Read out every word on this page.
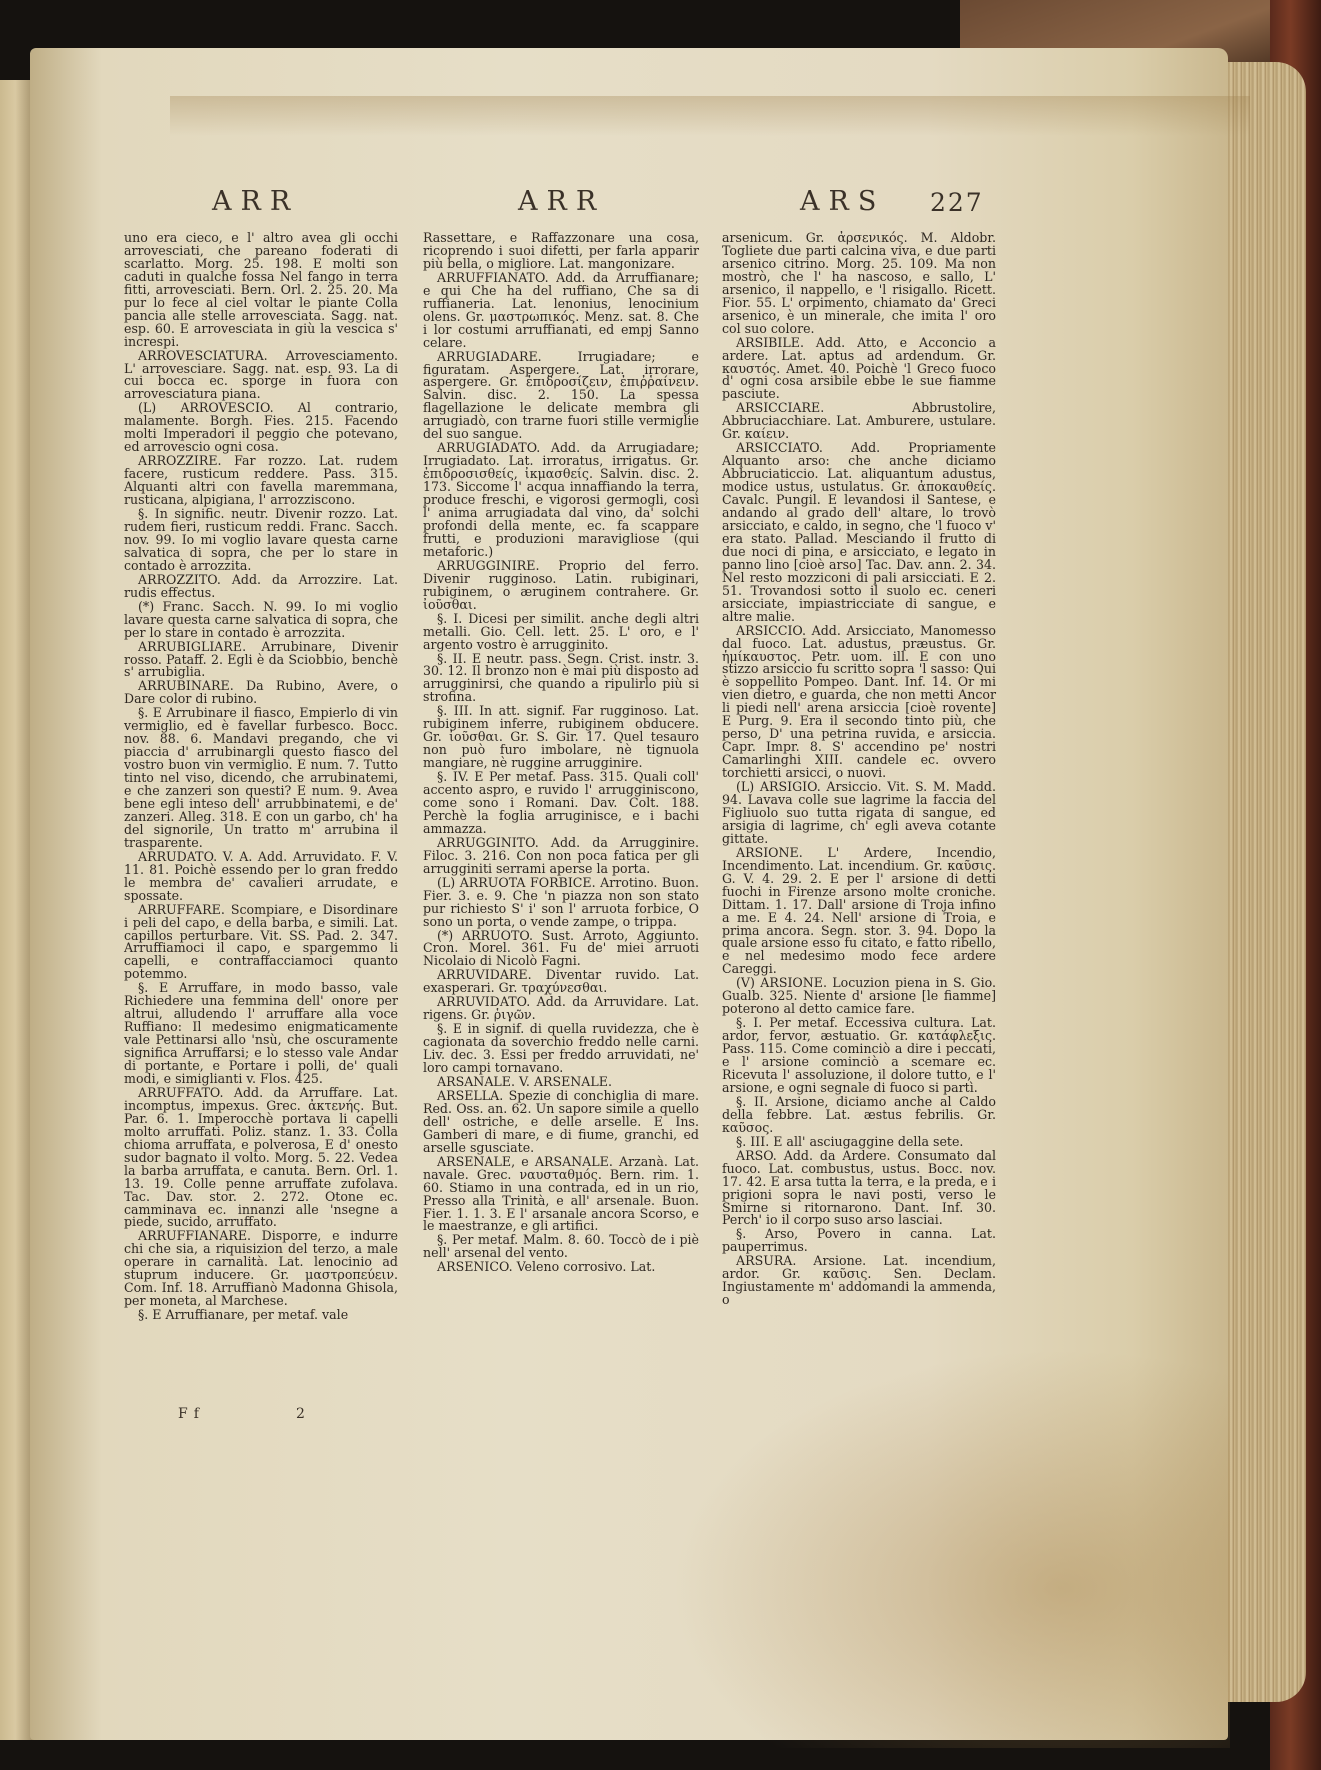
ARR	ARR	ARS 227

uno era cieco, e l' altro avea gli occhi arrovesciati, che pareano foderati di scarlatto. Morg. 25. 198. E molti son caduti in qualche fossa Nel fango in terra fitti, arrovesciati. Bern. Orl. 2. 25. 20. Ma pur lo fece al ciel voltar le piante Colla pancia alle stelle arrovesciata. Sagg. nat. esp. 60. E arrovesciata in giù la vescica s' increspi.

ARROVESCIATURA. Arrovesciamento. L' arrovesciare. Sagg. nat. esp. 93. La di cui bocca ec. sporge in fuora con arrovesciatura piana.

(L) ARROVESCIO. Al contrario, malamente. Borgh. Fies. 215. Facendo molti Imperadori il peggio che potevano, ed arrovescio ogni cosa.

ARROZZIRE. Far rozzo. Lat. rudem facere, rusticum reddere. Pass. 315. Alquanti altri con favella maremmana, rusticana, alpigiana, l' arrozziscono.

§. In signific. neutr. Divenir rozzo. Lat. rudem fieri, rusticum reddi. Franc. Sacch. nov. 99. Io mi voglio lavare questa carne salvatica di sopra, che per lo stare in contado è arrozzita.

ARROZZITO. Add. da Arrozzire. Lat. rudis effectus.

(*) Franc. Sacch. N. 99. Io mi voglio lavare questa carne salvatica di sopra, che per lo stare in contado è arrozzita.

ARRUBIGLIARE. Arrubinare, Divenir rosso. Pataff. 2. Egli è da Sciobbio, benchè s' arrubiglia.

ARRUBINARE. Da Rubino, Avere, o Dare color di rubino.

§. E Arrubinare il fiasco, Empierlo di vin vermiglio, ed è favellar furbesco. Bocc. nov. 88. 6. Mandavi pregando, che vi piaccia d' arrubinargli questo fiasco del vostro buon vin vermiglio. E num. 7. Tutto tinto nel viso, dicendo, che arrubinatemi, e che zanzeri son questi? E num. 9. Avea bene egli inteso dell' arrubbinatemi, e de' zanzeri. Alleg. 318. E con un garbo, ch' ha del signorile, Un tratto m' arrubina il trasparente.

ARRUDATO. V. A. Add. Arruvidato. F. V. 11. 81. Poichè essendo per lo gran freddo le membra de' cavalieri arrudate, e spossate.

ARRUFFARE. Scompiare, e Disordinare i peli del capo, e della barba, e simili. Lat. capillos perturbare. Vit. SS. Pad. 2. 347. Arruffiamoci il capo, e spargemmo li capelli, e contraffacciamoci quanto potemmo.

§. E Arruffare, in modo basso, vale Richiedere una femmina dell' onore per altrui, alludendo l' arruffare alla voce Ruffiano: Il medesimo enigmaticamente vale Pettinarsi allo 'nsù, che oscuramente significa Arruffarsi; e lo stesso vale Andar di portante, e Portare i polli, de' quali modi, e simiglianti v. Flos. 425.

ARRUFFATO. Add. da Arruffare. Lat. incomptus, impexus. Grec. ἀκτενής. But. Par. 6. 1. Imperocchè portava li capelli molto arruffati. Poliz. stanz. 1. 33. Colla chioma arruffata, e polverosa, E d' onesto sudor bagnato il volto. Morg. 5. 22. Vedea la barba arruffata, e canuta. Bern. Orl. 1. 13. 19. Colle penne arruffate zufolava. Tac. Dav. stor. 2. 272. Otone ec. camminava ec. innanzi alle 'nsegne a piede, sucido, arruffato.

ARRUFFIANARE. Disporre, e indurre chi che sia, a riquisizion del terzo, a male operare in carnalità. Lat. lenocinio ad stuprum inducere. Gr. μαστροπεύειν. Com. Inf. 18. Arruffianò Madonna Ghisola, per moneta, al Marchese.

§. E Arruffianare, per metaf. vale

Rassettare, e Raffazzonare una cosa, ricoprendo i suoi difetti, per farla apparir più bella, o migliore. Lat. mangonizare.

ARRUFFIANATO. Add. da Arruffianare; e qui Che ha del ruffiano, Che sa di ruffianeria. Lat. lenonius, lenocinium olens. Gr. μαστρωπικός. Menz. sat. 8. Che i lor costumi arruffianati, ed empj Sanno celare.

ARRUGIADARE. Irrugiadare; e figuratam. Aspergere. Lat. irrorare, aspergere. Gr. ἐπιδροσίζειν, ἐπιῤῥαίνειν. Salvin. disc. 2. 150. La spessa flagellazione le delicate membra gli arrugiadò, con trarne fuori stille vermiglie del suo sangue.

ARRUGIADATO. Add. da Arrugiadare; Irrugiadato. Lat. irroratus, irrigatus. Gr. ἐπιδροσισθείς, ἰκμασθείς. Salvin. disc. 2. 173. Siccome l' acqua innaffiando la terra, produce freschi, e vigorosi germogli, così l' anima arrugiadata dal vino, da' solchi profondi della mente, ec. fa scappare frutti, e produzioni maravigliose (qui metaforic.)

ARRUGGINIRE. Proprio del ferro. Divenir rugginoso. Latin. rubiginari, rubiginem, o æruginem contrahere. Gr. ἰοῦσθαι.

§. I. Dicesi per similit. anche degli altri metalli. Gio. Cell. lett. 25. L' oro, e l' argento vostro è arrugginito.

§. II. E neutr. pass. Segn. Crist. instr. 3. 30. 12. Il bronzo non è mai più disposto ad arrugginirsi, che quando a ripulirlo più si strofina.

§. III. In att. signif. Far rugginoso. Lat. rubiginem inferre, rubiginem obducere. Gr. ἰοῦσθαι. Gr. S. Gir. 17. Quel tesauro non può furo imbolare, nè tignuola mangiare, nè ruggine arrugginire.

§. IV. E Per metaf. Pass. 315. Quali coll' accento aspro, e ruvido l' arrugginiscono, come sono i Romani. Dav. Colt. 188. Perchè la foglia arruginisce, e i bachi ammazza.

ARRUGGINITO. Add. da Arrugginire. Filoc. 3. 216. Con non poca fatica per gli arrugginiti serrami aperse la porta.

(L) ARRUOTA FORBICE. Arrotino. Buon. Fier. 3. e. 9. Che 'n piazza non son stato pur richiesto S' i' son l' arruota forbice, O sono un porta, o vende zampe, o trippa.

(*) ARRUOTO. Sust. Arroto, Aggiunto. Cron. Morel. 361. Fu de' miei arruoti Nicolaio di Nicolò Fagni.

ARRUVIDARE. Diventar ruvido. Lat. exasperari. Gr. τραχύνεσθαι.

ARRUVIDATO. Add. da Arruvidare. Lat. rigens. Gr. ῥιγῶν.

§. E in signif. di quella ruvidezza, che è cagionata da soverchio freddo nelle carni. Liv. dec. 3. Essi per freddo arruvidati, ne' loro campi tornavano.

ARSANALE. V. ARSENALE.

ARSELLA. Spezie di conchiglia di mare. Red. Oss. an. 62. Un sapore simile a quello dell' ostriche, e delle arselle. E Ins. Gamberi di mare, e di fiume, granchi, ed arselle sgusciate.

ARSENALE, e ARSANALE. Arzanà. Lat. navale. Grec. ναυσταθμός. Bern. rim. 1. 60. Stiamo in una contrada, ed in un rio, Presso alla Trinità, e all' arsenale. Buon. Fier. 1. 1. 3. E l' arsanale ancora Scorso, e le maestranze, e gli artifici.

§. Per metaf. Malm. 8. 60. Toccò de i piè nell' arsenal del vento.

ARSENICO. Veleno corrosivo. Lat.

arsenicum. Gr. ἀρσενικός. M. Aldobr. Togliete due parti calcina viva, e due parti arsenico citrino. Morg. 25. 109. Ma non mostrò, che l' ha nascoso, e sallo, L' arsenico, il nappello, e 'l risigallo. Ricett. Fior. 55. L' orpimento, chiamato da' Greci arsenico, è un minerale, che imita l' oro col suo colore.

ARSIBILE. Add. Atto, e Acconcio a ardere. Lat. aptus ad ardendum. Gr. καυστός. Amet. 40. Poichè 'l Greco fuoco d' ogni cosa arsibile ebbe le sue fiamme pasciute.

ARSICCIARE. Abbrustolire, Abbruciacchiare. Lat. Amburere, ustulare. Gr. καίειν.

ARSICCIATO. Add. Propriamente Alquanto arso: che anche diciamo Abbruciaticcio. Lat. aliquantum adustus, modice ustus, ustulatus. Gr. ἀποκαυθείς. Cavalc. Pungil. E levandosi il Santese, e andando al grado dell' altare, lo trovò arsicciato, e caldo, in segno, che 'l fuoco v' era stato. Pallad. Mesciando il frutto di due noci di pina, e arsicciato, e legato in panno lino [cioè arso] Tac. Dav. ann. 2. 34. Nel resto mozziconi di pali arsicciati. E 2. 51. Trovandosi sotto il suolo ec. ceneri arsicciate, impiastricciate di sangue, e altre malie.

ARSICCIO. Add. Arsicciato, Manomesso dal fuoco. Lat. adustus, præustus. Gr. ἡμίκαυστος. Petr. uom. ill. E con uno stizzo arsiccio fu scritto sopra 'l sasso: Qui è soppellito Pompeo. Dant. Inf. 14. Or mi vien dietro, e guarda, che non metti Ancor li piedi nell' arena arsiccia [cioè rovente] E Purg. 9. Era il secondo tinto più, che perso, D' una petrina ruvida, e arsiccia. Capr. Impr. 8. S' accendino pe' nostri Camarlinghi XIII. candele ec. ovvero torchietti arsicci, o nuovi.

(L) ARSIGIO. Arsiccio. Vit. S. M. Madd. 94. Lavava colle sue lagrime la faccia del Figliuolo suo tutta rigata di sangue, ed arsigia di lagrime, ch' egli aveva cotante gittate.

ARSIONE. L' Ardere, Incendio, Incendimento. Lat. incendium. Gr. καῦσις. G. V. 4. 29. 2. E per l' arsione di detti fuochi in Firenze arsono molte croniche. Dittam. 1. 17. Dall' arsione di Troja infino a me. E 4. 24. Nell' arsione di Troia, e prima ancora. Segn. stor. 3. 94. Dopo la quale arsione esso fu citato, e fatto ribello, e nel medesimo modo fece ardere Careggi.

(V) ARSIONE. Locuzion piena in S. Gio. Gualb. 325. Niente d' arsione [le fiamme] poterono al detto camice fare.

§. I. Per metaf. Eccessiva cultura. Lat. ardor, fervor, æstuatio. Gr. κατάφλεξις. Pass. 115. Come cominciò a dire i peccati, e l' arsione cominciò a scemare ec. Ricevuta l' assoluzione, il dolore tutto, e l' arsione, e ogni segnale di fuoco si partì.

§. II. Arsione, diciamo anche al Caldo della febbre. Lat. æstus febrilis. Gr. καῦσος.

§. III. E all' asciugaggine della sete.

ARSO. Add. da Ardere. Consumato dal fuoco. Lat. combustus, ustus. Bocc. nov. 17. 42. E arsa tutta la terra, e la preda, e i prigioni sopra le navi posti, verso le Smirne si ritornarono. Dant. Inf. 30. Perch' io il corpo suso arso lasciai.

§. Arso, Povero in canna. Lat. pauperrimus.

ARSURA. Arsione. Lat. incendium, ardor. Gr. καῦσις. Sen. Declam. Ingiustamente m' addomandi la ammenda, o

Ff	2
